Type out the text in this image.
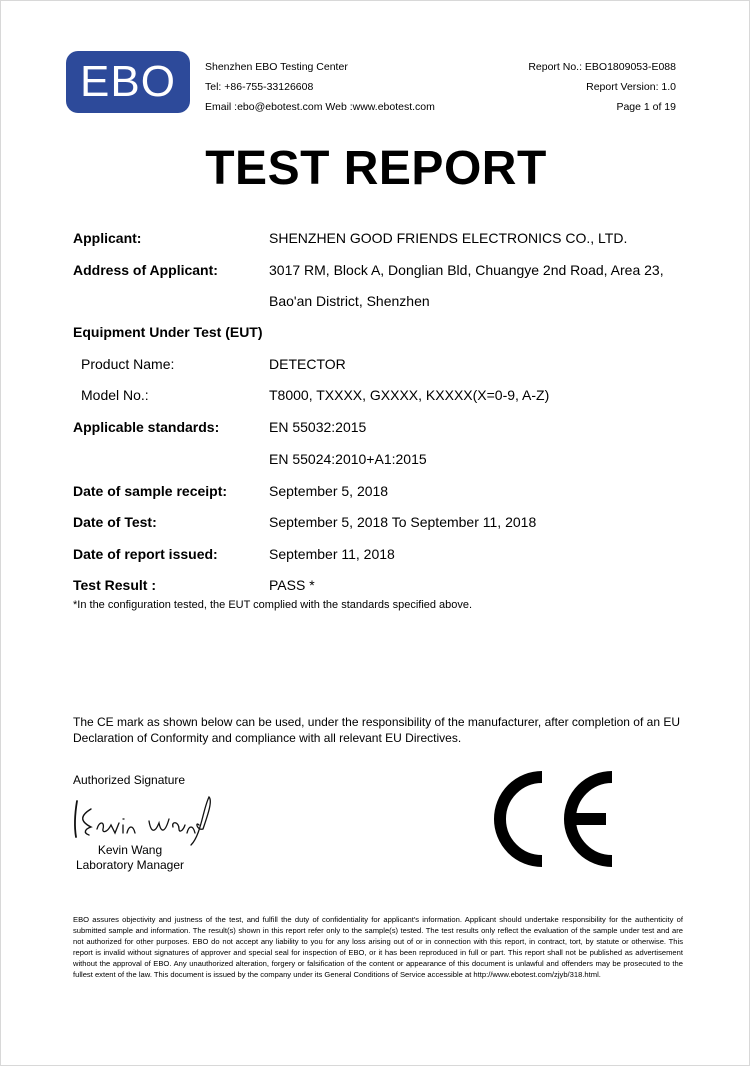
EBO	Shenzhen EBO Testing Center
Tel: +86-755-33126608
Email :ebo@ebotest.com Web :www.ebotest.com
Report No.: EBO1809053-E088
Report Version: 1.0
Page 1 of 19
TEST REPORT
Applicant:	SHENZHEN GOOD FRIENDS ELECTRONICS CO., LTD.
Address of Applicant:	3017 RM, Block A, Donglian Bld, Chuangye 2nd Road, Area 23,
Bao'an District, Shenzhen
Equipment Under Test (EUT)
Product Name:	DETECTOR
Model No.:	T8000, TXXXX, GXXXX, KXXXX(X=0-9, A-Z)
Applicable standards:	EN 55032:2015
EN 55024:2010+A1:2015
Date of sample receipt:	September 5, 2018
Date of Test:	September 5, 2018 To September 11, 2018
Date of report issued:	September 11, 2018
Test Result :	PASS *
*In the configuration tested, the EUT complied with the standards specified above.
The CE mark as shown below can be used, under the responsibility of the manufacturer, after completion of an EU Declaration of Conformity and compliance with all relevant EU Directives.
Authorized Signature
Kevin Wang
Laboratory Manager
EBO assures objectivity and justness of the test, and fulfill the duty of confidentiality for applicant's information. Applicant should undertake responsibility for the authenticity of submitted sample and information. The result(s) shown in this report refer only to the sample(s) tested. The test results only reflect the evaluation of the sample under test and are not authorized for other purposes. EBO do not accept any liability to you for any loss arising out of or in connection with this report, in contract, tort, by statute or otherwise. This report is invalid without signatures of approver and special seal for inspection of EBO, or it has been reproduced in full or part. This report shall not be published as advertisement without the approval of EBO. Any unauthorized alteration, forgery or falsification of the content or appearance of this document is unlawful and offenders may be prosecuted to the fullest extent of the law. This document is issued by the company under its General Conditions of Service accessible at http://www.ebotest.com/zjyb/318.html.
